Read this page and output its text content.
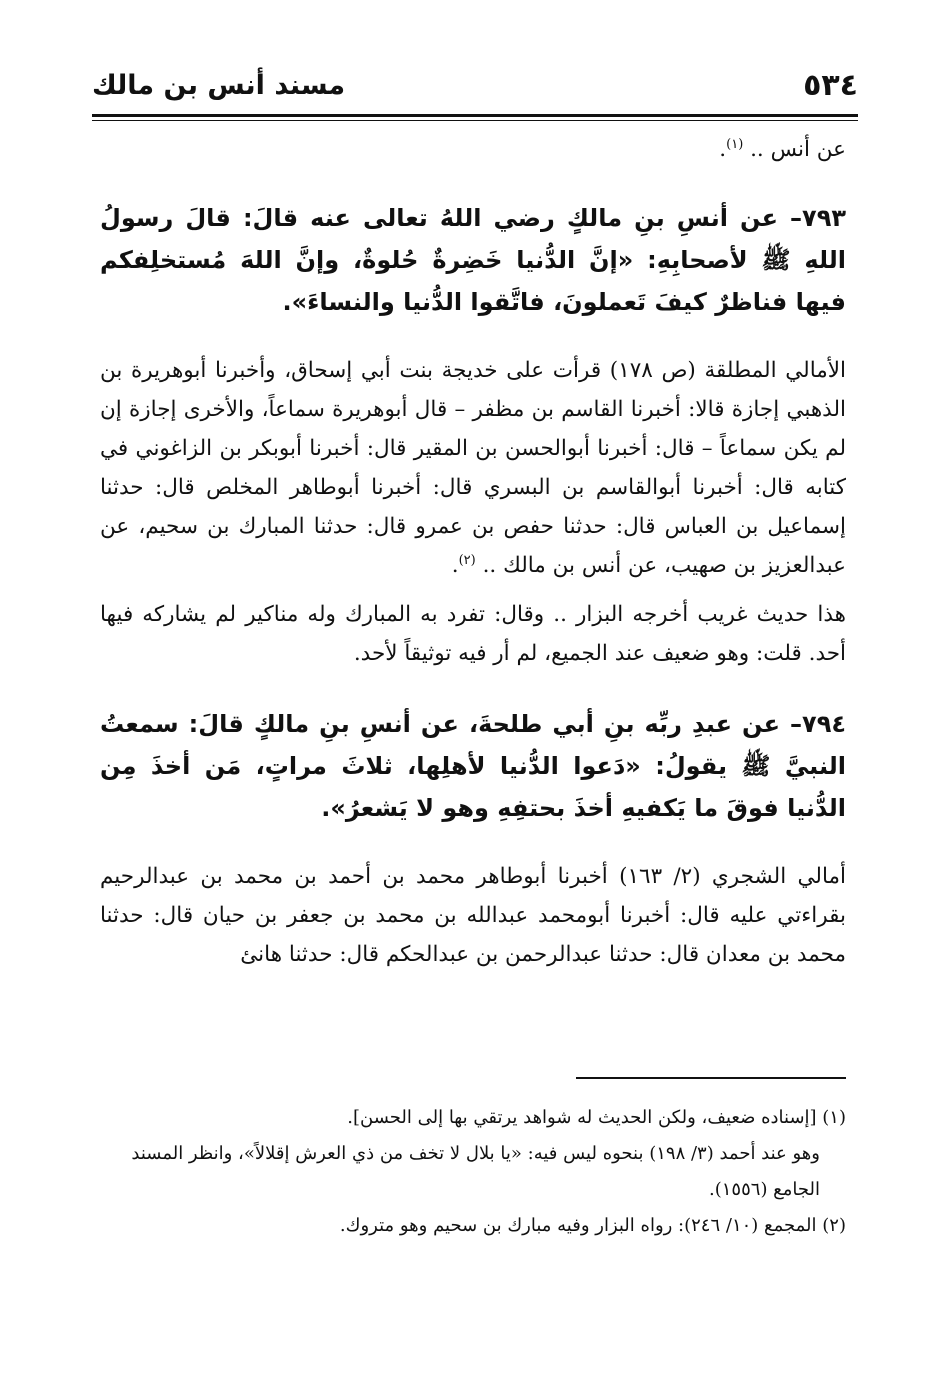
٥٣٤
مسند أنس بن مالك

عن أنس .. $^{(١)}$.

٧٩٣– عن أنسِ بنِ مالكٍ رضي اللهُ تعالى عنه قالَ: قالَ رسولُ اللهِ ﷺ لأصحابِهِ: «إنَّ الدُّنيا خَضِرةٌ حُلوةٌ، وإنَّ اللهَ مُستخلِفكم فيها فناظرٌ كيفَ تَعملونَ، فاتَّقوا الدُّنيا والنساءَ».

الأمالي المطلقة (ص ١٧٨) قرأت على خديجة بنت أبي إسحاق، وأخبرنا أبوهريرة بن الذهبي إجازة قالا: أخبرنا القاسم بن مظفر – قال أبوهريرة سماعاً، والأخرى إجازة إن لم يكن سماعاً – قال: أخبرنا أبوالحسن بن المقير قال: أخبرنا أبوبكر بن الزاغوني في كتابه قال: أخبرنا أبوالقاسم بن البسري قال: أخبرنا أبوطاهر المخلص قال: حدثنا إسماعيل بن العباس قال: حدثنا حفص بن عمرو قال: حدثنا المبارك بن سحيم، عن عبدالعزيز بن صهيب، عن أنس بن مالك .. $^{(٢)}$.

هذا حديث غريب أخرجه البزار .. وقال: تفرد به المبارك وله مناكير لم يشاركه فيها أحد. قلت: وهو ضعيف عند الجميع، لم أر فيه توثيقاً لأحد.

٧٩٤– عن عبدِ ربِّه بنِ أبي طلحةَ، عن أنسِ بنِ مالكٍ قالَ: سمعتُ النبيَّ ﷺ يقولُ: «دَعوا الدُّنيا لأهلِها، ثلاثَ مراتٍ، مَن أخذَ مِن الدُّنيا فوقَ ما يَكفيهِ أخذَ بحتفِهِ وهو لا يَشعرُ».

أمالي الشجري (٢/ ١٦٣) أخبرنا أبوطاهر محمد بن أحمد بن محمد بن عبدالرحيم بقراءتي عليه قال: أخبرنا أبومحمد عبدالله بن محمد بن جعفر بن حيان قال: حدثنا محمد بن معدان قال: حدثنا عبدالرحمن بن عبدالحكم قال: حدثنا هانئ

(١) [إسناده ضعيف، ولكن الحديث له شواهد يرتقي بها إلى الحسن].

وهو عند أحمد (٣/ ١٩٨) بنحوه ليس فيه: «يا بلال لا تخف من ذي العرش إقلالاً»، وانظر المسند الجامع (١٥٥٦).

(٢) المجمع (١٠/ ٢٤٦): رواه البزار وفيه مبارك بن سحيم وهو متروك.
